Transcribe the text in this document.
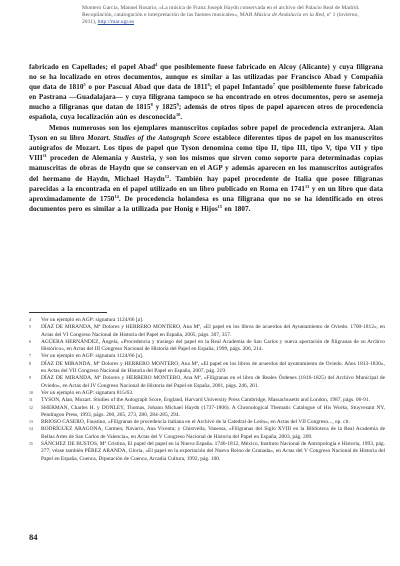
Montero García, Manuel Rosario, «La música de Franz Joseph Haydn conservada en el archivo del Palacio Real de Madrid. Recopilación, catalogación e interpretación de las fuentes musicales», MAR Música de Andalucía en la Red, nº 1 (invierno, 2011), http://mar.ugr.es

fabricado en Capellades; el papel Abad$^4$ que posiblemente fuese fabricado en Alcoy (Alicante) y cuya filigrana no se ha localizado en otros documentos, aunque es similar a las utilizadas por Francisco Abad y Compañía que data de 1810$^5$ o por Pascual Abad que data de 1811$^6$; el papel Infantado$^7$ que posiblemente fuese fabricado en Pastrana —Guadalajara— y cuya filigrana tampoco se ha encontrado en otros documentos, pero se asemeja mucho a filigranas que datan de 1815$^8$ y 1825$^9$; además de otros tipos de papel aparecen otros de procedencia española, cuya localización aún es desconocida$^{10}$.

Menos numerosos son los ejemplares manuscritos copiados sobre papel de procedencia extranjera. Alan Tyson en su libro Mozart. Studies of the Autograph Score establece diferentes tipos de papel en los manuscritos autógrafos de Mozart. Los tipos de papel que Tyson denomina como tipo II, tipo III, tipo V, tipo VII y tipo VIII$^{11}$ proceden de Alemania y Austria, y son los mismos que sirven como soporte para determinadas copias manuscritas de obras de Haydn que se conservan en el AGP y además aparecen en los manuscritos autógrafos del hermano de Haydn, Michael Haydn$^{12}$. También hay papel procedente de Italia que posee filigranas parecidas a la encontrada en el papel utilizado en un libro publicado en Roma en 1741$^{13}$ y en un libro que data aproximadamente de 1750$^{14}$. De procedencia holandesa es una filigrana que no se ha identificado en otros documentos pero es similar a la utilizada por Honig e Hijos$^{15}$ en 1807.

4	Ver un ejemplo en AGP: signatura 1124/66 [a].
5	DÍAZ DE MIRANDA, Mª Dolores y HERRERO MONTERO, Ana Mª, «El papel en los libros de acuerdos del Ayuntamiento de Oviedo. 1700-1812», en Actas del VI Congreso Nacional de Historia del Papel en España, 2005, págs. 307, 357.
6	AGÜERA HERNÁNDEZ, Ángela, «Procedencia y trasiego del papel en la Real Academia de San Carlos y nueva aportación de filigranas de su Archivo Histórico», en Actas del III Congreso Nacional de Historia del Papel en España, 1999, págs. 206, 214.
7	Ver un ejemplo en AGP: signatura 1124/66 [a].
8	DÍAZ DE MIRANDA, Mª Dolores y HERRERO MONTERO, Ana Mª, «El papel en los libros de acuerdos del ayuntamiento de Oviedo. Años 1813-1830», en Actas del VII Congreso Nacional de Historia del Papel en España, 2007, pág. 219.
9	DÍAZ DE MIRANDA, Mª Dolores y HERRERO MONTERO, Ana Mª, «Filigranas en el libro de Reales Órdenes (1816-1825) del Archivo Municipal de Oviedo», en Actas del IV Congreso Nacional de Historia del Papel en España, 2001, págs. 246, 261.
10	Ver un ejemplo en AGP: signatura 815/63.
11	TYSON, Alan, Mozart. Studies of the Autograph Score, England, Harvard University Press Cambridge, Massachusetts and London, 1987, págs. 06-91.
12	SHERMAN, Charles H. y DONLEY, Thomas, Johann Michael Haydn (1737-1806). A Chronological Thematic Catalogue of His Works, Stuyvesant NY, Pendragon Press, 1993, págs. 260, 265, 273, 280, 284-285, 294.
13	BRIOSO CASERO, Faustino, «Filigranas de procedencia italiana en el Archivo de la Catedral de León», en Actas del VII Congreso..., op. cit.
14	RODRÍGUEZ ARAGONA, Carmen; Navarro, Ana Vicenta; y Chistvella, Vanessa, «Filigranas del Siglo XVIII en la Biblioteca de la Real Academia de Bellas Artes de San Carlos de Valencia», en Actas del V Congreso Nacional de Historia del Papel en España, 2003, pág. 209.
15	SÁNCHEZ DE BUSTOS, Mª Cristina, El papel del papel en la Nueva España. 1746-1812, México, Instituto Nacional de Antropología e Historia, 1993, pág. 277; véase también PÉREZ ARANDA, Gloria, «El papel en la exportación del Nuevo Reino de Granada», en Actas del V Congreso Nacional de Historia del Papel en España, Cuenca, Diputación de Cuenca, Arcadia Cultura, 1992, pág. 100.
84
